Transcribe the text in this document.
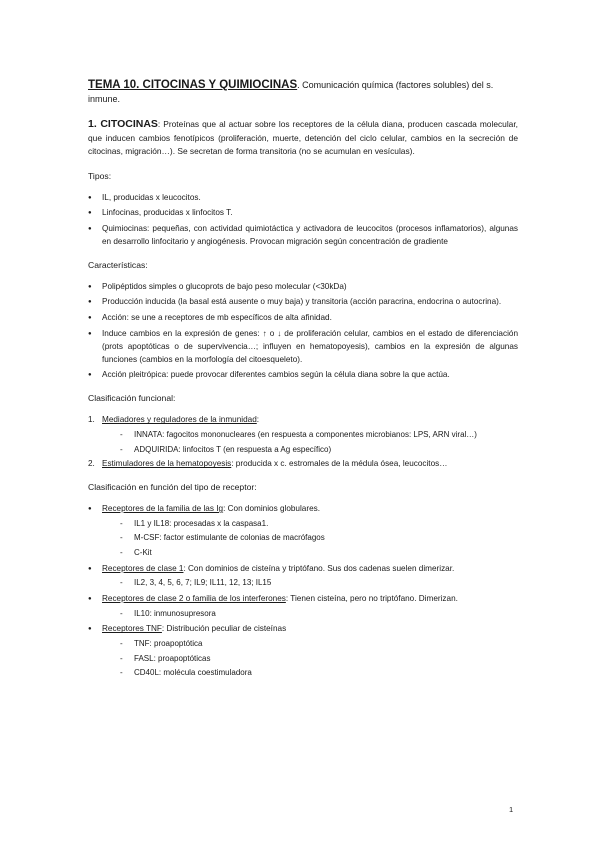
TEMA 10. CITOCINAS Y QUIMIOCINAS. Comunicación química (factores solubles) del s. inmune.

1. CITOCINAS: Proteínas que al actuar sobre los receptores de la célula diana, producen cascada molecular, que inducen cambios fenotípicos (proliferación, muerte, detención del ciclo celular, cambios en la secreción de citocinas, migración…). Se secretan de forma transitoria (no se acumulan en vesículas).

Tipos:

● IL, producidas x leucocitos.
● Linfocinas, producidas x linfocitos T.
● Quimiocinas: pequeñas, con actividad quimiotáctica y activadora de leucocitos (procesos inflamatorios), algunas en desarrollo linfocitario y angiogénesis. Provocan migración según concentración de gradiente

Características:

● Polipéptidos simples o glucoprots de bajo peso molecular (<30kDa)
● Producción inducida (la basal está ausente o muy baja) y transitoria (acción paracrina, endocrina o autocrina).
● Acción: se une a receptores de mb específicos de alta afinidad.
● Induce cambios en la expresión de genes: ↑ o ↓ de proliferación celular, cambios en el estado de diferenciación (prots apoptóticas o de supervivencia…; influyen en hematopoyesis), cambios en la expresión de algunas funciones (cambios en la morfología del citoesqueleto).
● Acción pleitrópica: puede provocar diferentes cambios según la célula diana sobre la que actúa.

Clasificación funcional:

1. Mediadores y reguladores de la inmunidad:
- INNATA: fagocitos mononucleares (en respuesta a componentes microbianos: LPS, ARN viral…)
- ADQUIRIDA: linfocitos T (en respuesta a Ag específico)
2. Estimuladores de la hematopoyesis: producida x c. estromales de la médula ósea, leucocitos…

Clasificación en función del tipo de receptor:

● Receptores de la familia de las Ig: Con dominios globulares.
- IL1 y IL18: procesadas x la caspasa1.
- M-CSF: factor estimulante de colonias de macrófagos
- C-Kit
● Receptores de clase 1: Con dominios de cisteína y triptófano. Sus dos cadenas suelen dimerizar.
- IL2, 3, 4, 5, 6, 7; IL9; IL11, 12, 13; IL15
● Receptores de clase 2 o familia de los interferones: Tienen cisteína, pero no triptófano. Dimerizan.
- IL10: inmunosupresora
● Receptores TNF: Distribución peculiar de cisteínas
- TNF: proapoptótica
- FASL: proapoptóticas
- CD40L: molécula coestimuladora
1
